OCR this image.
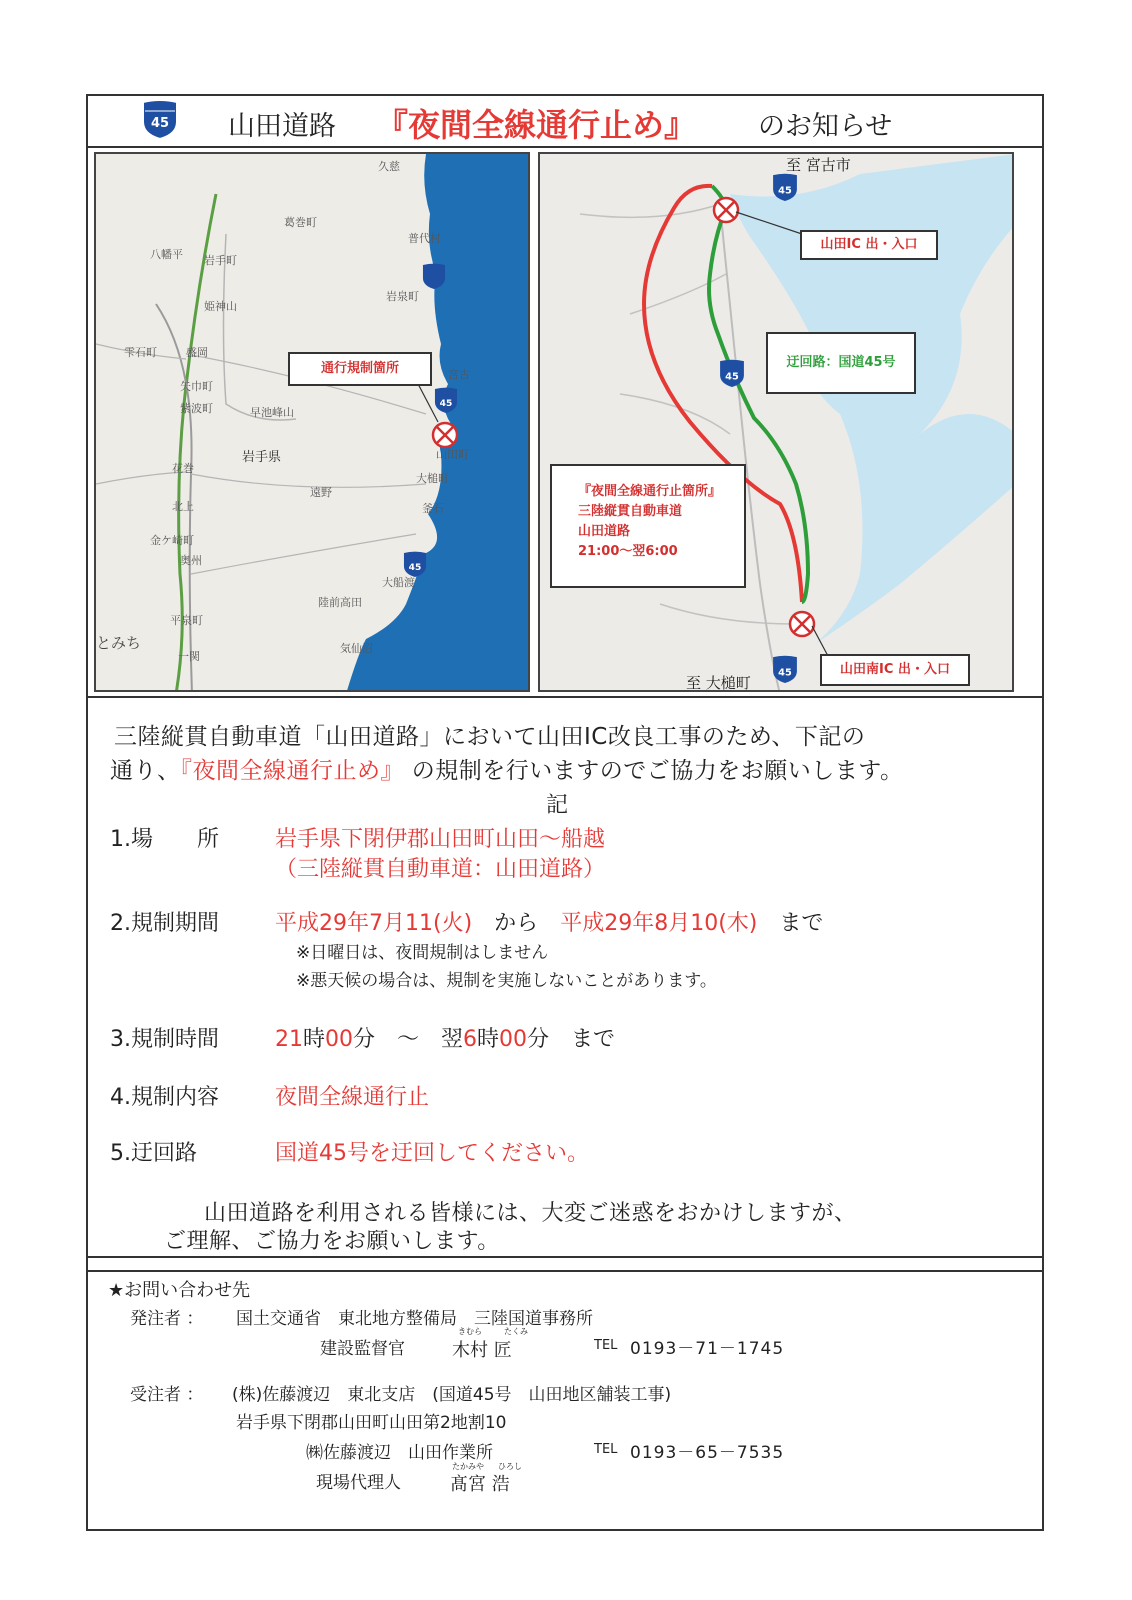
45 山田道路 『夜間全線通行止め』 のお知らせ
45
45
通行規制箇所
久慈
普代村
岩泉町
宮古
山田町
大槌町
釜石
大船渡
陸前高田
気仙沼
八幡平 岩手町
姫神山
雫石町	盛岡
矢巾町
紫波町	早池峰山
岩手県
花巻
遠野
北上
金ケ崎町
奥州
平泉町
一関
葛巻町
とみち
45
45
45
至 宮古市
至 大槌町
山田IC 出・入口
迂回路：国道45号
『夜間全線通行止箇所』
三陸縦貫自動車道
山田道路
21:00～翌6:00
山田南IC 出・入口
三陸縦貫自動車道「山田道路」において山田IC改良工事のため、下記の
通り、『夜間全線通行止め』 の規制を行いますのでご協力をお願いします。
記
1.場　　所	岩手県下閉伊郡山田町山田～船越
（三陸縦貫自動車道：山田道路）
2.規制期間	平成29年7月11(火)　 から　 平成29年8月10(木)　 まで
※日曜日は、夜間規制はしません
※悪天候の場合は、規制を実施しないことがあります。
3.規制時間	21時00分　～　翌6時00分　まで
4.規制内容	夜間全線通行止
5.迂回路	国道45号を迂回してください。
山田道路を利用される皆様には、大変ご迷惑をおかけしますが、
ご理解、ご協力をお願いします。
★お問い合わせ先
発注者 ： 国土交通省　東北地方整備局　三陸国道事務所
建設監督官
きむら	たくみ
木村 匠	TEL 0193－71－1745
受注者 ： (株)佐藤渡辺　東北支店　(国道45号　山田地区舗装工事)
岩手県下閉郡山田町山田第2地割10
㈱佐藤渡辺　山田作業所	TEL 0193－65－7535
現場代理人
たかみや ひろし
髙宮 浩
